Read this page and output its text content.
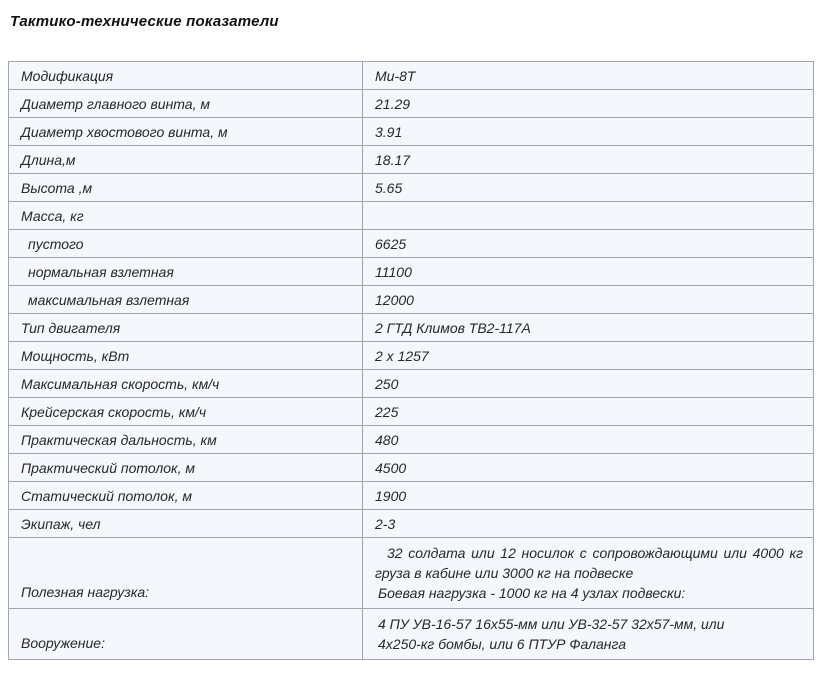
Тактико-технические показатели
Модификация	Ми-8Т
Диаметр главного винта, м	21.29
Диаметр хвостового винта, м	3.91
Длина,м	18.17
Высота ,м	5.65
Масса, кг	
пустого	6625
нормальная взлетная	11100
максимальная взлетная	12000
Тип двигателя	2 ГТД Климов ТВ2-117А
Мощность, кВт	2 х 1257
Максимальная скорость, км/ч	250
Крейсерская скорость, км/ч	225
Практическая дальность, км	480
Практический потолок, м	4500
Статический потолок, м	1900
Экипаж, чел	2-3
Полезная нагрузка:	32 солдата или 12 носилок с сопровождающими или 4000 кг
груза в кабине или 3000 кг на подвеске
Боевая нагрузка - 1000 кг на 4 узлах подвески:

Вооружение:	4 ПУ УВ-16-57 16х55-мм или УВ-32-57 32х57-мм, или
4х250-кг бомбы, или 6 ПТУР Фаланга
